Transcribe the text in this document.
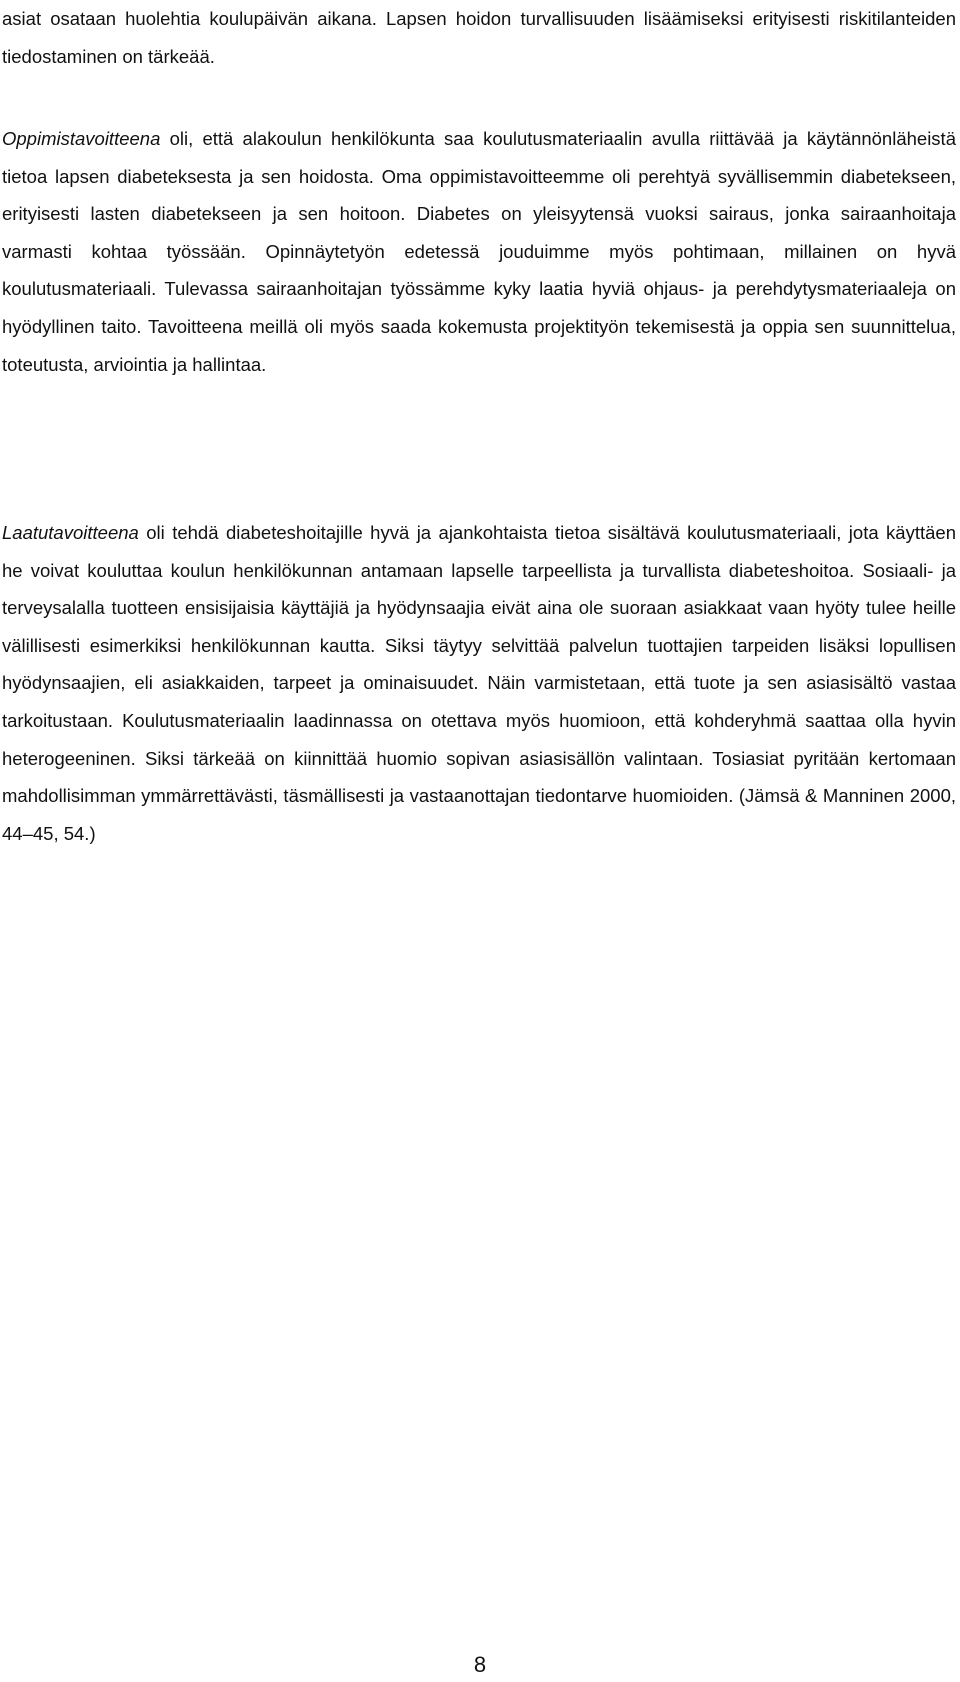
asiat osataan huolehtia koulupäivän aikana. Lapsen hoidon turvallisuuden lisäämiseksi erityisesti riskitilanteiden tiedostaminen on tärkeää.

Oppimistavoitteena oli, että alakoulun henkilökunta saa koulutusmateriaalin avulla riittävää ja käytännönläheistä tietoa lapsen diabeteksesta ja sen hoidosta. Oma oppimistavoitteemme oli perehtyä syvällisemmin diabetekseen, erityisesti lasten diabetekseen ja sen hoitoon. Diabetes on yleisyytensä vuoksi sairaus, jonka sairaanhoitaja varmasti kohtaa työssään. Opinnäytetyön edetessä jouduimme myös pohtimaan, millainen on hyvä koulutusmateriaali. Tulevassa sairaanhoitajan työssämme kyky laatia hyviä ohjaus- ja perehdytysmateriaaleja on hyödyllinen taito. Tavoitteena meillä oli myös saada kokemusta projektityön tekemisestä ja oppia sen suunnittelua, toteutusta, arviointia ja hallintaa.

Laatutavoitteena oli tehdä diabeteshoitajille hyvä ja ajankohtaista tietoa sisältävä koulutusmateriaali, jota käyttäen he voivat kouluttaa koulun henkilökunnan antamaan lapselle tarpeellista ja turvallista diabeteshoitoa. Sosiaali- ja terveysalalla tuotteen ensisijaisia käyttäjiä ja hyödynsaajia eivät aina ole suoraan asiakkaat vaan hyöty tulee heille välillisesti esimerkiksi henkilökunnan kautta. Siksi täytyy selvittää palvelun tuottajien tarpeiden lisäksi lopullisen hyödynsaajien, eli asiakkaiden, tarpeet ja ominaisuudet. Näin varmistetaan, että tuote ja sen asiasisältö vastaa tarkoitustaan. Koulutusmateriaalin laadinnassa on otettava myös huomioon, että kohderyhmä saattaa olla hyvin heterogeeninen. Siksi tärkeää on kiinnittää huomio sopivan asiasisällön valintaan. Tosiasiat pyritään kertomaan mahdollisimman ymmärrettävästi, täsmällisesti ja vastaanottajan tiedontarve huomioiden. (Jämsä & Manninen 2000, 44–45, 54.)

8
